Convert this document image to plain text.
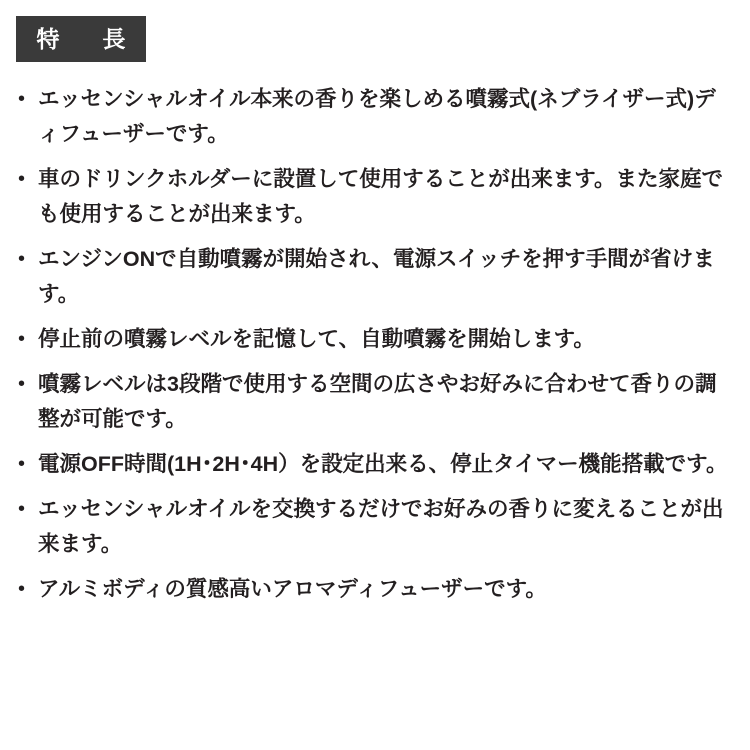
特　長
• エッセンシャルオイル本来の香りを楽しめる噴霧式(ネブライザー式)ディフューザーです。
• 車のドリンクホルダーに設置して使用することが出来ます。また家庭でも使用することが出来ます。
• エンジンONで自動噴霧が開始され、電源スイッチを押す手間が省けます。
• 停止前の噴霧レベルを記憶して、自動噴霧を開始します。
• 噴霧レベルは3段階で使用する空間の広さやお好みに合わせて香りの調整が可能です。
• 電源OFF時間(1H･2H･4H）を設定出来る、停止タイマー機能搭載です。
• エッセンシャルオイルを交換するだけでお好みの香りに変えることが出来ます。
• アルミボディの質感高いアロマディフューザーです。
